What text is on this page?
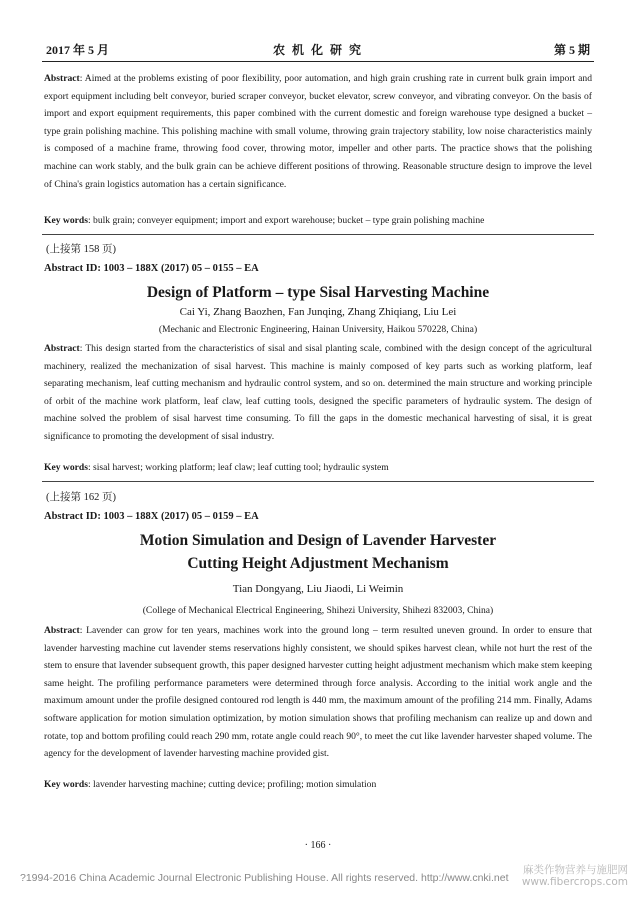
2017 年 5 月	农 机 化 研 究	第 5 期
Abstract: Aimed at the problems existing of poor flexibility, poor automation, and high grain crushing rate in current bulk grain import and export equipment including belt conveyor, buried scraper conveyor, bucket elevator, screw conveyor, and vibrating conveyor. On the basis of import and export equipment requirements, this paper combined with the current domestic and foreign warehouse type designed a bucket – type grain polishing machine. This polishing machine with small volume, throwing grain trajectory stability, low noise characteristics mainly is composed of a machine frame, throwing food cover, throwing motor, impeller and other parts. The practice shows that the polishing machine can work stably, and the bulk grain can be achieve different positions of throwing. Reasonable structure design to improve the level of China's grain logistics automation has a certain significance.
Key words: bulk grain; conveyer equipment; import and export warehouse; bucket – type grain polishing machine
(上接第 158 页)
Abstract ID: 1003 – 188X (2017) 05 – 0155 – EA
Design of Platform – type Sisal Harvesting Machine
Cai Yi, Zhang Baozhen, Fan Junqing, Zhang Zhiqiang, Liu Lei
(Mechanic and Electronic Engineering, Hainan University, Haikou 570228, China)
Abstract: This design started from the characteristics of sisal and sisal planting scale, combined with the design concept of the agricultural machinery, realized the mechanization of sisal harvest. This machine is mainly composed of key parts such as working platform, leaf separating mechanism, leaf cutting mechanism and hydraulic control system, and so on. determined the main structure and working principle of orbit of the machine work platform, leaf claw, leaf cutting tools, designed the specific parameters of hydraulic system. The design of machine solved the problem of sisal harvest time consuming. To fill the gaps in the domestic mechanical harvesting of sisal, it is great significance to promoting the development of sisal industry.
Key words: sisal harvest; working platform; leaf claw; leaf cutting tool; hydraulic system
(上接第 162 页)
Abstract ID: 1003 – 188X (2017) 05 – 0159 – EA
Motion Simulation and Design of Lavender Harvester
Cutting Height Adjustment Mechanism
Tian Dongyang, Liu Jiaodi, Li Weimin
(College of Mechanical Electrical Engineering, Shihezi University, Shihezi 832003, China)
Abstract: Lavender can grow for ten years, machines work into the ground long – term resulted uneven ground. In order to ensure that lavender harvesting machine cut lavender stems reservations highly consistent, we should spikes harvest clean, while not hurt the rest of the stem to ensure that lavender subsequent growth, this paper designed harvester cutting height adjustment mechanism which make stem keeping same height. The profiling performance parameters were determined through force analysis. According to the initial work angle and the maximum amount under the profile designed contoured rod length is 440 mm, the maximum amount of the profiling 214 mm. Finally, Adams software application for motion simulation optimization, by motion simulation shows that profiling mechanism can realize up and down and rotate, top and bottom profiling could reach 290 mm, rotate angle could reach 90°, to meet the cut like lavender harvester shaped volume. The agency for the development of lavender harvesting machine provided gist.
Key words: lavender harvesting machine; cutting device; profiling; motion simulation
· 166 ·
?1994-2016 China Academic Journal Electronic Publishing House. All rights reserved. http://www.cnki.net
麻类作物营养与施肥网
www.fibercrops.com
